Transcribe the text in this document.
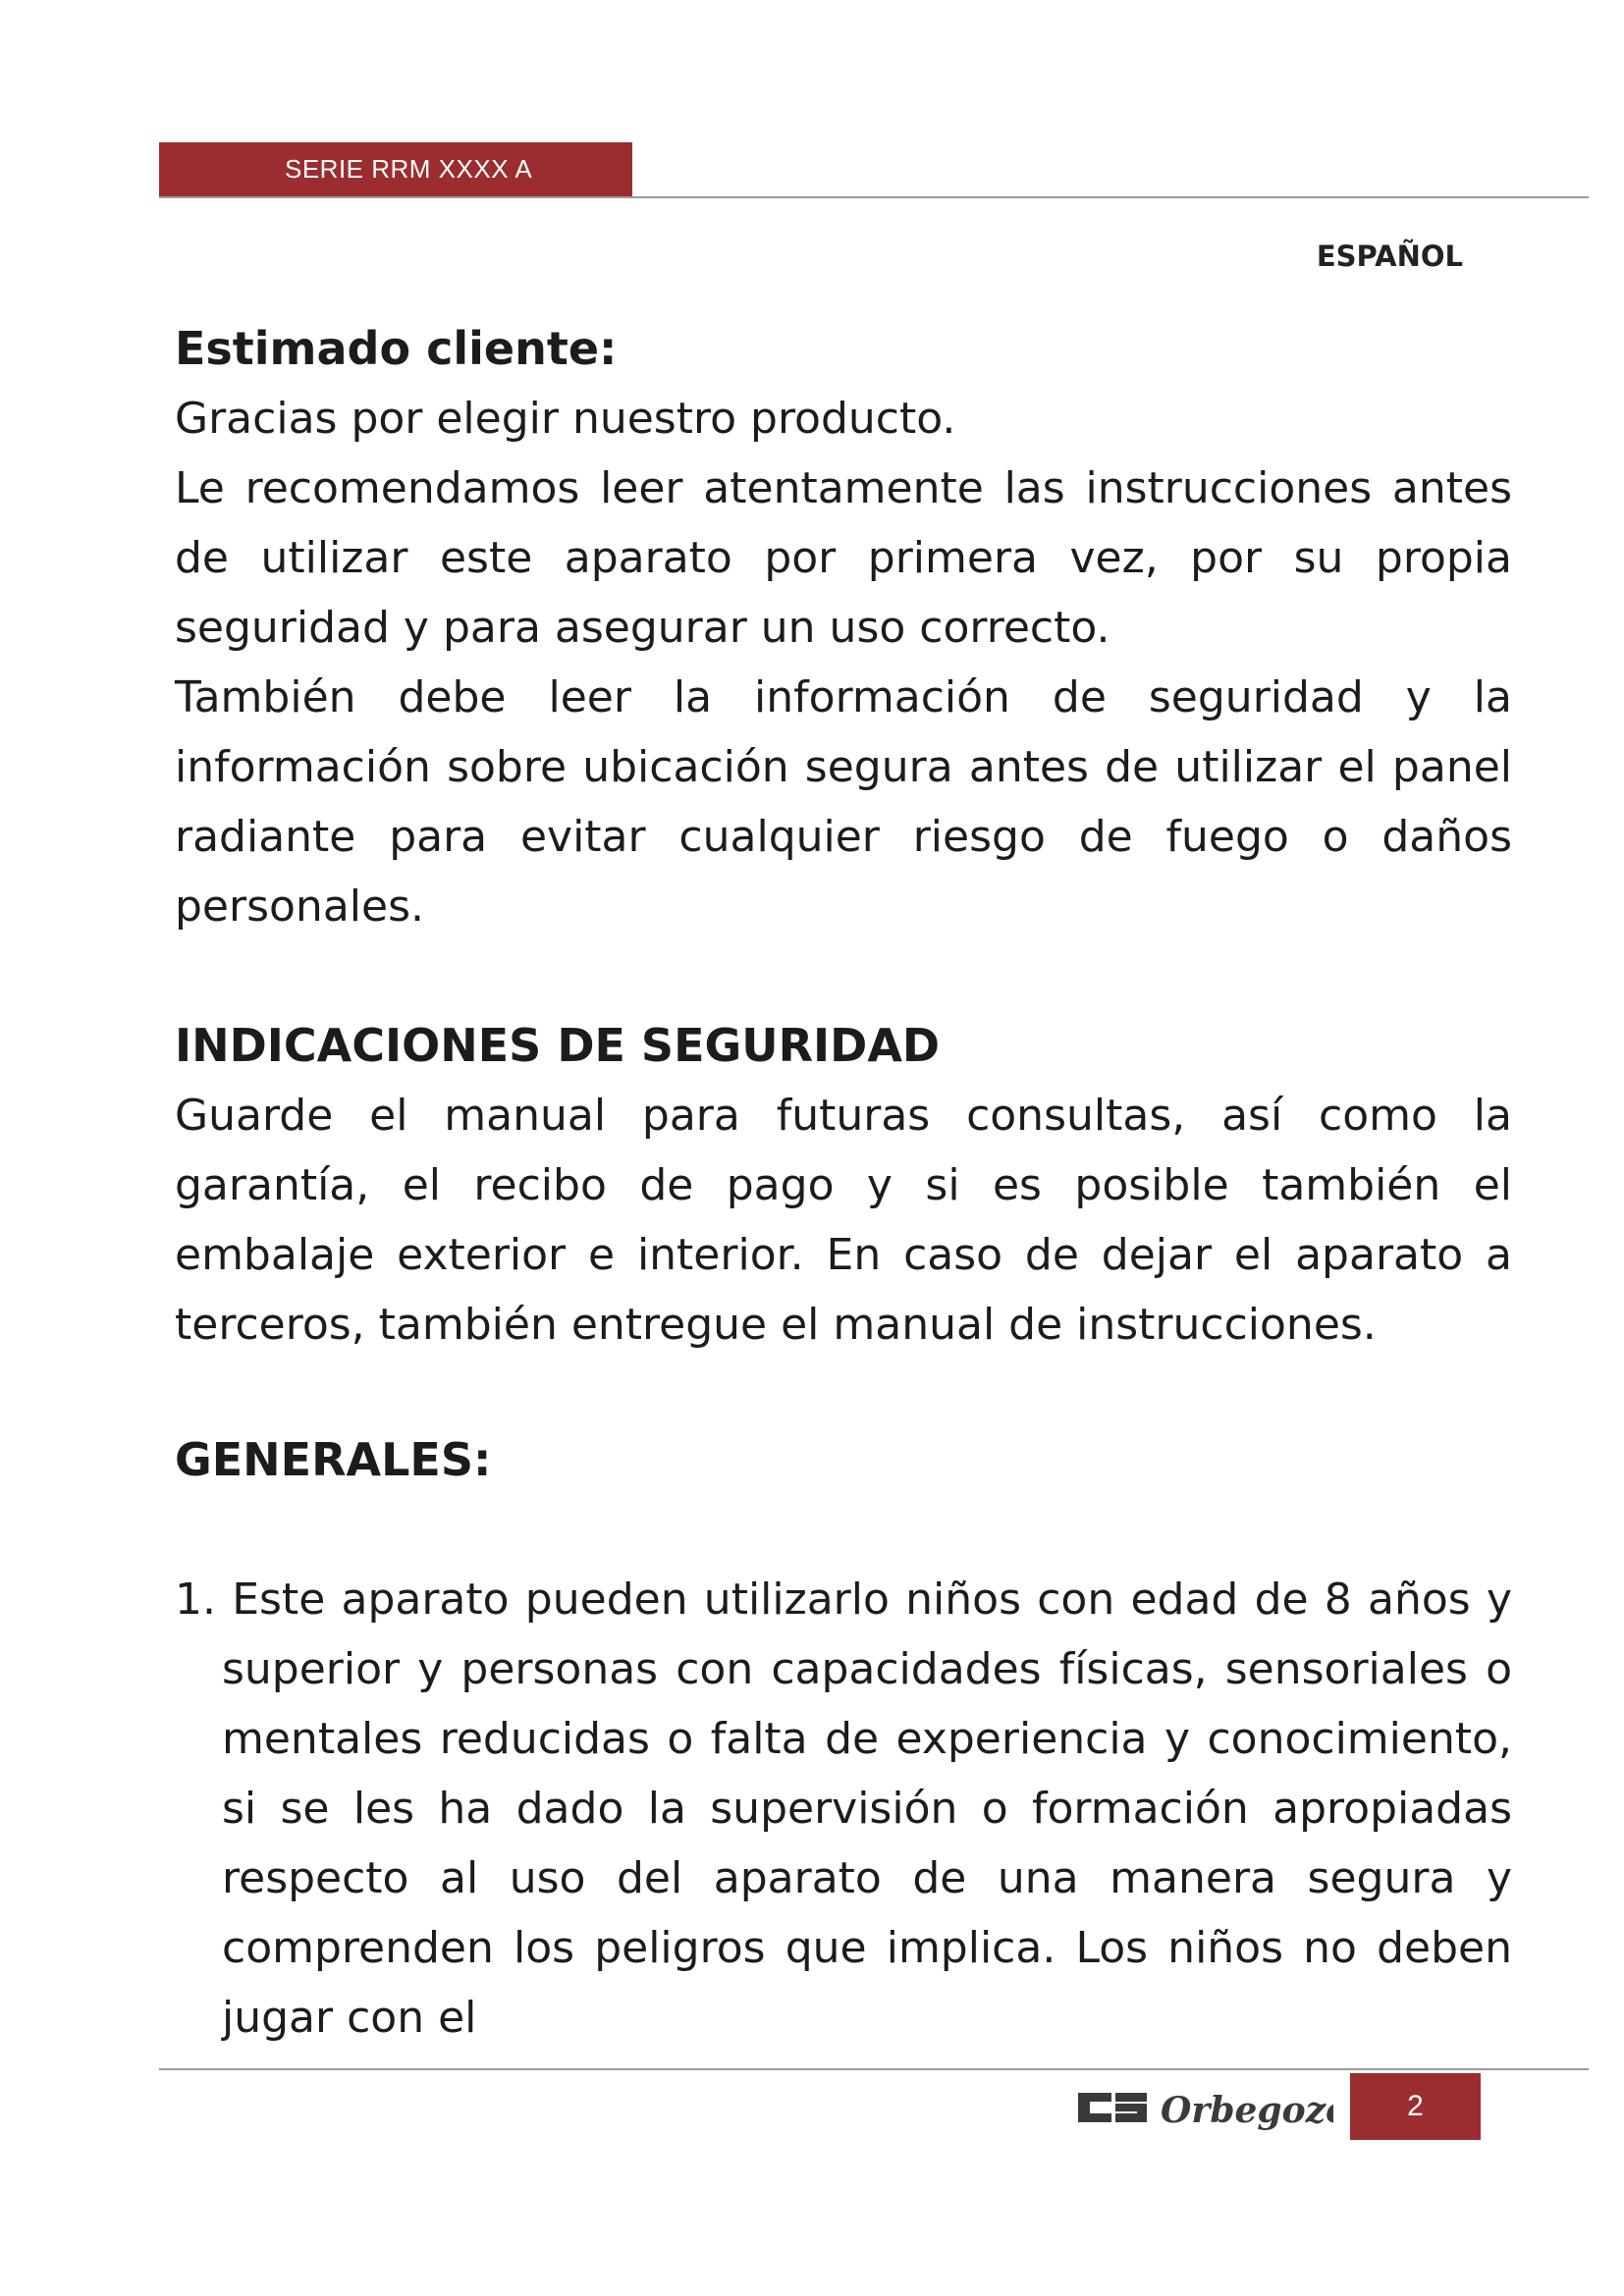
SERIE RRM XXXX A
ESPAÑOL

Estimado cliente:

Gracias por elegir nuestro producto.

Le recomendamos leer atentamente las instrucciones antes de utilizar este aparato por primera vez, por su propia seguridad y para asegurar un uso correcto.

También debe leer la información de seguridad y la información sobre ubicación segura antes de utilizar el panel radiante para evitar cualquier riesgo de fuego o daños personales.

INDICACIONES DE SEGURIDAD

Guarde el manual para futuras consultas, así como la garantía, el recibo de pago y si es posible también el embalaje exterior e interior. En caso de dejar el aparato a terceros, también entregue el manual de instrucciones.

GENERALES:

1. Este aparato pueden utilizarlo niños con edad de 8 años y superior y personas con capacidades físicas, sensoriales o mentales reducidas o falta de experiencia y conocimiento, si se les ha dado la supervisión o formación apropiadas respecto al uso del aparato de una manera segura y comprenden los peligros que implica. Los niños no deben jugar con el

Orbegozo	2
